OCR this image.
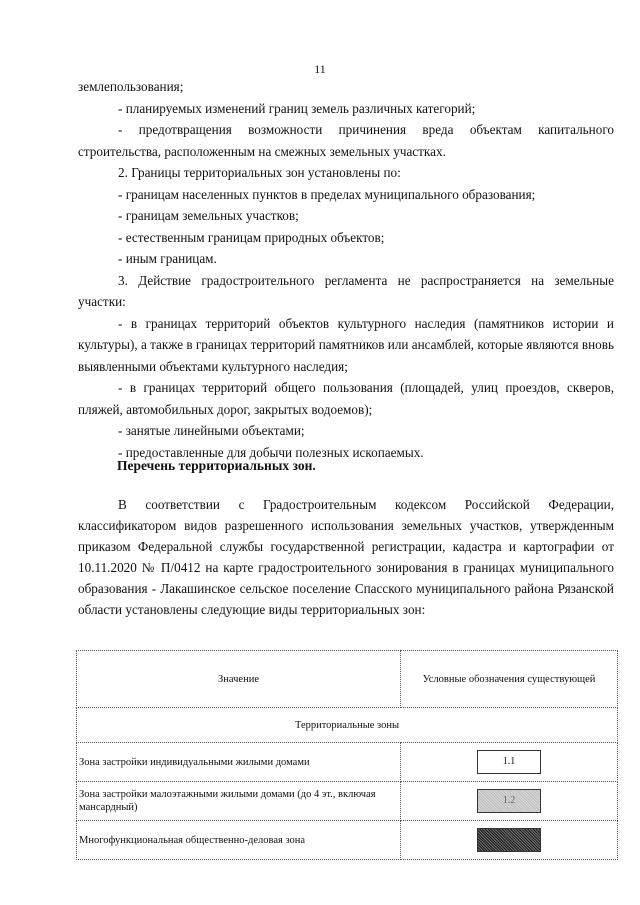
11

землепользования;

- планируемых изменений границ земель различных категорий;

- предотвращения возможности причинения вреда объектам капитального строительства, расположенным на смежных земельных участках.

2. Границы территориальных зон установлены по:

- границам населенных пунктов в пределах муниципального образования;

- границам земельных участков;

- естественным границам природных объектов;

- иным границам.

3. Действие градостроительного регламента не распространяется на земельные участки:

- в границах территорий объектов культурного наследия (памятников истории и культуры), а также в границах территорий памятников или ансамблей, которые являются вновь выявленными объектами культурного наследия;

- в границах территорий общего пользования (площадей, улиц проездов, скверов, пляжей, автомобильных дорог, закрытых водоемов);

- занятые линейными объектами;

- предоставленные для добычи полезных ископаемых.

Перечень территориальных зон.
В соответствии с Градостроительным кодексом Российской Федерации, классификатором видов разрешенного использования земельных участков, утвержденным приказом Федеральной службы государственной регистрации, кадастра и картографии от 10.11.2020 № П/0412 на карте градостроительного зонирования в границах муниципального образования - Лакашинское сельское поселение Спасского муниципального района Рязанской области установлены следующие виды территориальных зон:
Значение	Условные обозначения существующей
Территориальные зоны	
Зона застройки индивидуальными жилыми домами	1.1
Зона застройки малоэтажными жилыми домами (до 4 эт., включая мансардный)	1.2
Многофункциональная общественно-деловая зона	2.1
